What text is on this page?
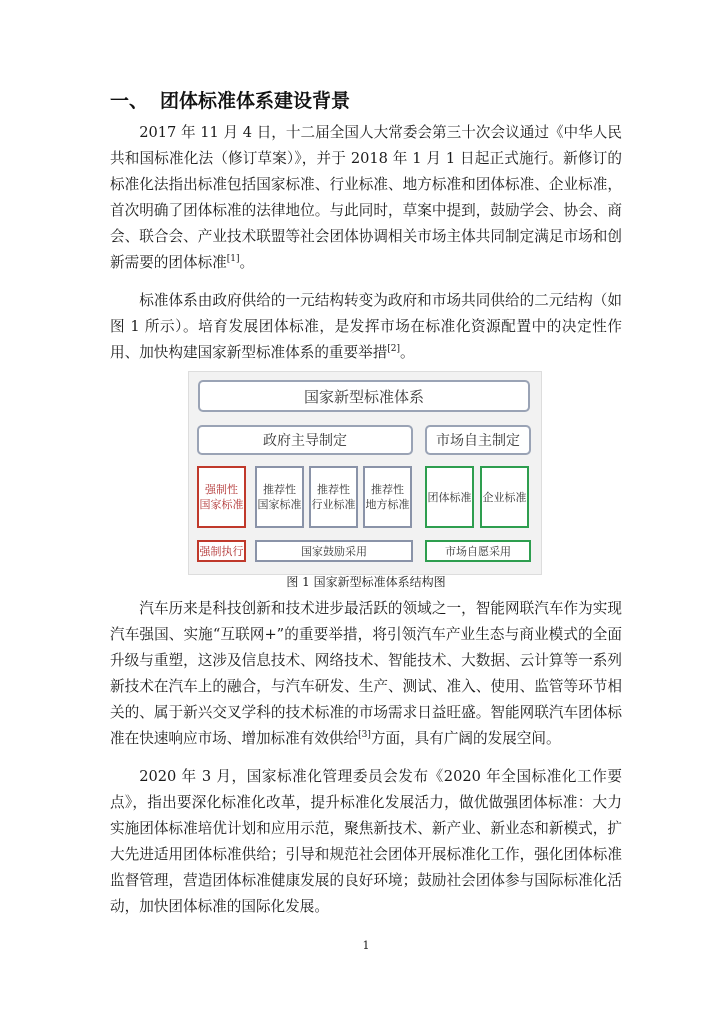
一、 团体标准体系建设背景

2017 年 11 月 4 日，十二届全国人大常委会第三十次会议通过《中华人民共和国标准化法（修订草案）》，并于 2018 年 1 月 1 日起正式施行。新修订的标准化法指出标准包括国家标准、行业标准、地方标准和团体标准、企业标准，首次明确了团体标准的法律地位。与此同时，草案中提到，鼓励学会、协会、商会、联合会、产业技术联盟等社会团体协调相关市场主体共同制定满足市场和创新需要的团体标准[1]。

标准体系由政府供给的一元结构转变为政府和市场共同供给的二元结构（如图 1 所示）。培育发展团体标准，是发挥市场在标准化资源配置中的决定性作用、加快构建国家新型标准体系的重要举措[2]。

国家新型标准体系
政府主导制定	市场自主制定
强制性
国家标准
推荐性
国家标准
推荐性
行业标准
推荐性
地方标准
团体标准 企业标准
强制执行	国家鼓励采用	市场自愿采用
图 1 国家新型标准体系结构图

汽车历来是科技创新和技术进步最活跃的领域之一，智能网联汽车作为实现汽车强国、实施“互联网+”的重要举措，将引领汽车产业生态与商业模式的全面升级与重塑，这涉及信息技术、网络技术、智能技术、大数据、云计算等一系列新技术在汽车上的融合，与汽车研发、生产、测试、准入、使用、监管等环节相关的、属于新兴交叉学科的技术标准的市场需求日益旺盛。智能网联汽车团体标准在快速响应市场、增加标准有效供给[3]方面，具有广阔的发展空间。

2020 年 3 月，国家标准化管理委员会发布《2020 年全国标准化工作要点》，指出要深化标准化改革，提升标准化发展活力，做优做强团体标准：大力实施团体标准培优计划和应用示范，聚焦新技术、新产业、新业态和新模式，扩大先进适用团体标准供给；引导和规范社会团体开展标准化工作，强化团体标准监督管理，营造团体标准健康发展的良好环境；鼓励社会团体参与国际标准化活动，加快团体标准的国际化发展。

1
